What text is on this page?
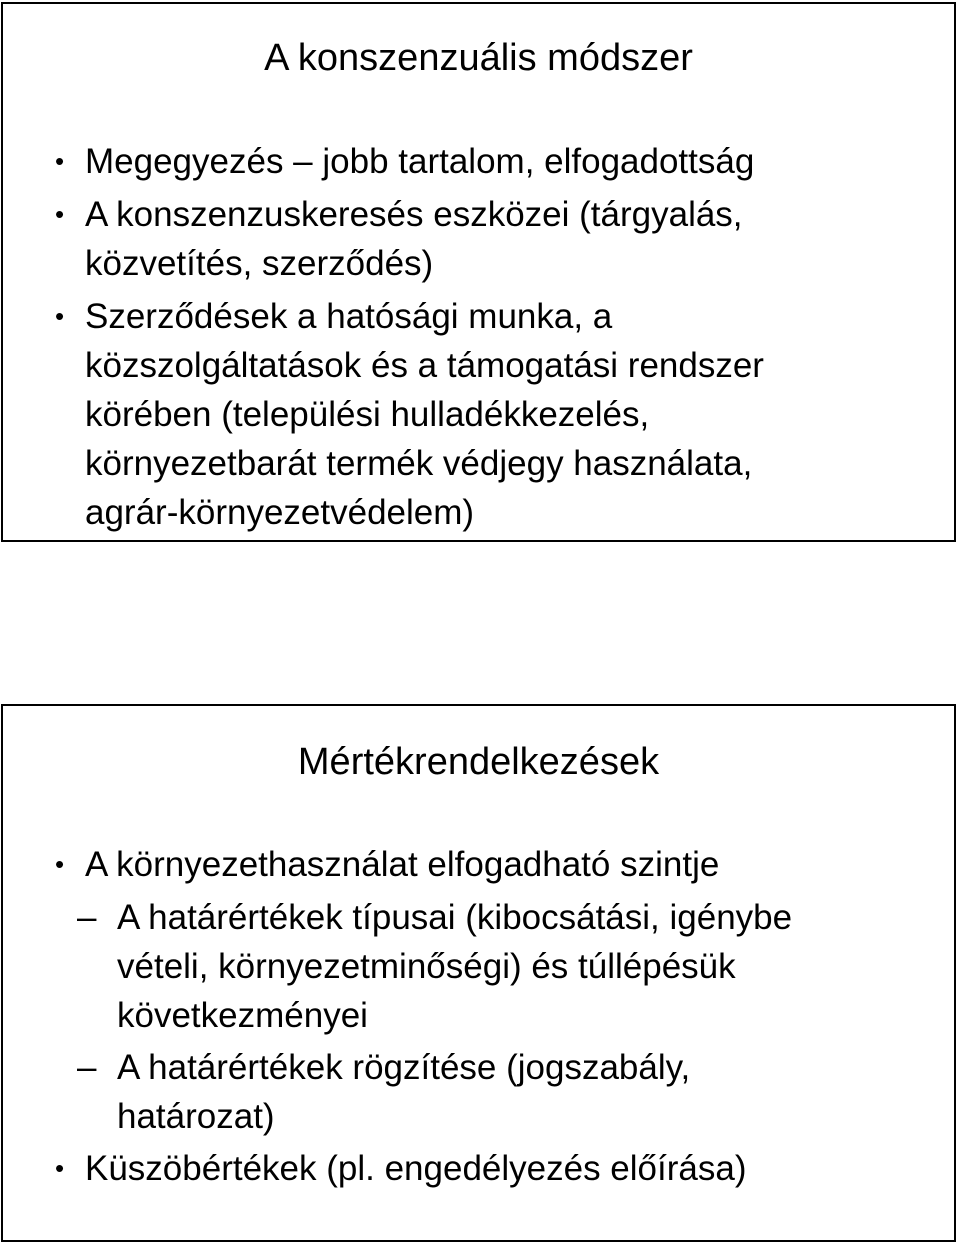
A konszenzuális módszer
• Megegyezés – jobb tartalom, elfogadottság
• A konszenzuskeresés eszközei (tárgyalás,
közvetítés, szerződés)
• Szerződések a hatósági munka, a
közszolgáltatások és a támogatási rendszer
körében (települési hulladékkezelés,
környezetbarát termék védjegy használata,
agrár-környezetvédelem)
Mértékrendelkezések
• A környezethasználat elfogadható szintje
– A határértékek típusai (kibocsátási, igénybe
vételi, környezetminőségi) és túllépésük
következményei
– A határértékek rögzítése (jogszabály,
határozat)
• Küszöbértékek (pl. engedélyezés előírása)
